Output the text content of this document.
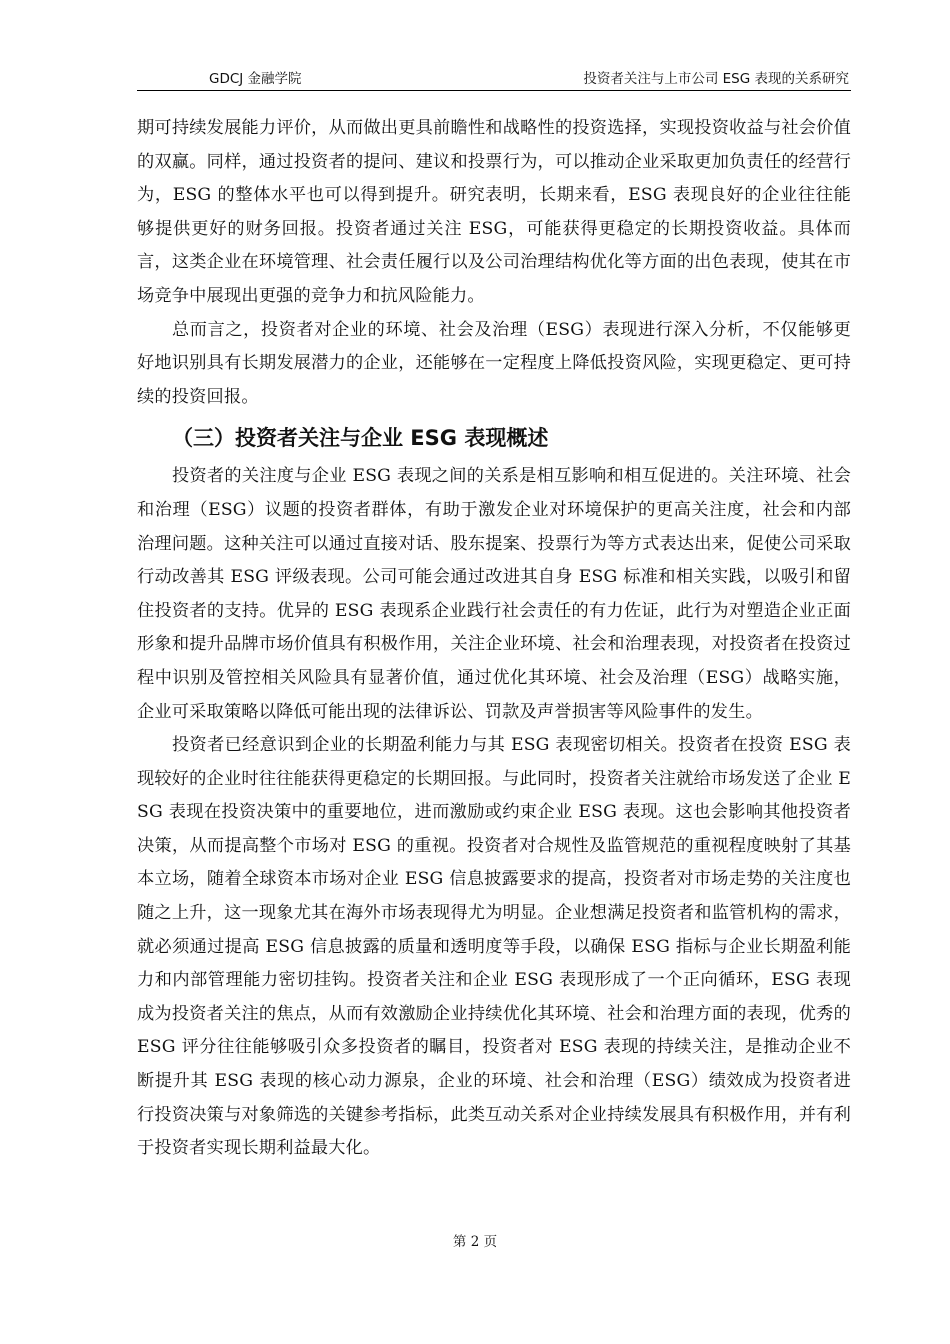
GDCJ 金融学院	投资者关注与上市公司 ESG 表现的关系研究

期可持续发展能力评价，从而做出更具前瞻性和战略性的投资选择，实现投资收益与社会价值的双赢。同样，通过投资者的提问、建议和投票行为，可以推动企业采取更加负责任的经营行为，ESG 的整体水平也可以得到提升。研究表明，长期来看，ESG 表现良好的企业往往能够提供更好的财务回报。投资者通过关注 ESG，可能获得更稳定的长期投资收益。具体而言，这类企业在环境管理、社会责任履行以及公司治理结构优化等方面的出色表现，使其在市场竞争中展现出更强的竞争力和抗风险能力。

总而言之，投资者对企业的环境、社会及治理（ESG）表现进行深入分析，不仅能够更好地识别具有长期发展潜力的企业，还能够在一定程度上降低投资风险，实现更稳定、更可持续的投资回报。

（三）投资者关注与企业 ESG 表现概述

投资者的关注度与企业 ESG 表现之间的关系是相互影响和相互促进的。关注环境、社会和治理（ESG）议题的投资者群体，有助于激发企业对环境保护的更高关注度，社会和内部治理问题。这种关注可以通过直接对话、股东提案、投票行为等方式表达出来，促使公司采取行动改善其 ESG 评级表现。公司可能会通过改进其自身 ESG 标准和相关实践，以吸引和留住投资者的支持。优异的 ESG 表现系企业践行社会责任的有力佐证，此行为对塑造企业正面形象和提升品牌市场价值具有积极作用，关注企业环境、社会和治理表现，对投资者在投资过程中识别及管控相关风险具有显著价值，通过优化其环境、社会及治理（ESG）战略实施，企业可采取策略以降低可能出现的法律诉讼、罚款及声誉损害等风险事件的发生。

投资者已经意识到企业的长期盈利能力与其 ESG 表现密切相关。投资者在投资 ESG 表现较好的企业时往往能获得更稳定的长期回报。与此同时，投资者关注就给市场发送了企业 ESG 表现在投资决策中的重要地位，进而激励或约束企业 ESG 表现。这也会影响其他投资者决策，从而提高整个市场对 ESG 的重视。投资者对合规性及监管规范的重视程度映射了其基本立场，随着全球资本市场对企业 ESG 信息披露要求的提高，投资者对市场走势的关注度也随之上升，这一现象尤其在海外市场表现得尤为明显。企业想满足投资者和监管机构的需求，就必须通过提高 ESG 信息披露的质量和透明度等手段，以确保 ESG 指标与企业长期盈利能力和内部管理能力密切挂钩。投资者关注和企业 ESG 表现形成了一个正向循环，ESG 表现成为投资者关注的焦点，从而有效激励企业持续优化其环境、社会和治理方面的表现，优秀的 ESG 评分往往能够吸引众多投资者的瞩目，投资者对 ESG 表现的持续关注，是推动企业不断提升其 ESG 表现的核心动力源泉，企业的环境、社会和治理（ESG）绩效成为投资者进行投资决策与对象筛选的关键参考指标，此类互动关系对企业持续发展具有积极作用，并有利于投资者实现长期利益最大化。

第 2 页
